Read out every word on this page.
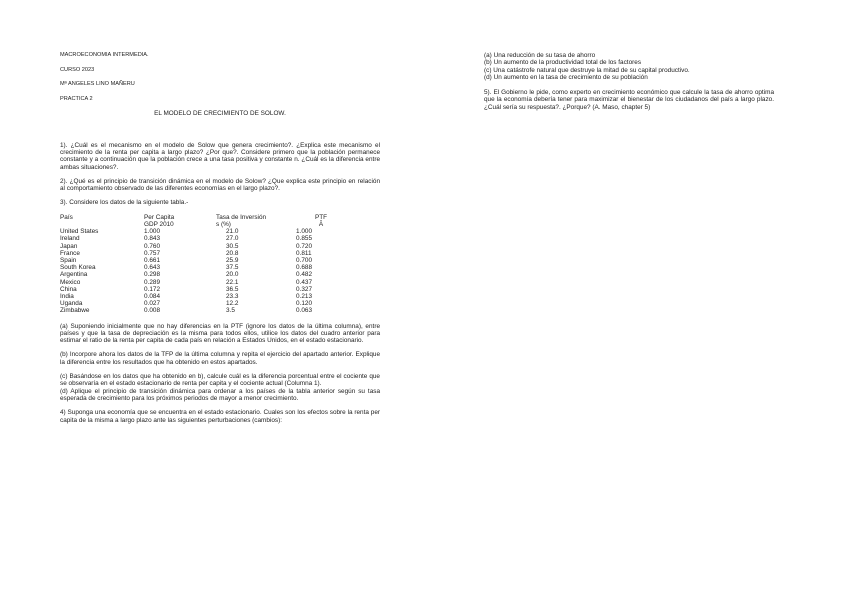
MACROECONOMIA INTERMEDIA.
CURSO 2023
Mª ANGELES LINO MAÑERU
PRACTICA 2
EL MODELO DE CRECIMIENTO DE SOLOW.

1). ¿Cuál es el mecanismo en el modelo de Solow que genera crecimiento?. ¿Explica este mecanismo el crecimiento de la renta per capita a largo plazo? ¿Por que?. Considere primero que la población permanece constante y a continuación que la población crece a una tasa positiva y constante n. ¿Cuál es la diferencia entre ambas situaciones?.

2). ¿Qué es el principio de transición dinámica en el modelo de Solow? ¿Que explica este principio en relación al comportamiento observado de las diferentes economías en el largo plazo?.

3). Considere los datos de la siguiente tabla.-

País	Per Capita	Tasa de Inversión	PTF
	GDP 2010	s (%)	Ā
United States	1.000	21.0	1.000
Ireland	0.843	27.0	0.855
Japan	0.760	30.5	0.720
France	0.757	20.8	0.811
Spain	0.661	25.9	0.700
South Korea	0.643	37.5	0.688
Argentina	0.298	20.0	0.482
Mexico	0.289	22.1	0.437
China	0.172	36.5	0.327
India	0.084	23.3	0.213
Uganda	0.027	12.2	0.120
Zimbabwe	0.008	3.5	0.063

(a) Suponiendo inicialmente que no hay diferencias en la PTF (ignore los datos de la última columna), entre países y que la tasa de depreciación es la misma para todos ellos, utilice los datos del cuadro anterior para estimar el ratio de la renta per capita de cada país en relación a Estados Unidos, en el estado estacionario.

(b) Incorpore ahora los datos de la TFP de la última columna y repita el ejercicio del apartado anterior. Explique la diferencia entre los resultados que ha obtenido en estos apartados.

(c) Basándose en los datos que ha obtenido en b), calcule cuál es la diferencia porcentual entre el cociente que se observaría en el estado estacionario de renta per capita y el cociente actual (Columna 1).

(d) Aplique el principio de transición dinámica para ordenar a los países de la tabla anterior según su tasa esperada de crecimiento para los próximos periodos de mayor a menor crecimiento.

4) Suponga una economía que se encuentra en el estado estacionario. Cuales son los efectos sobre la renta per capita de la misma a largo plazo ante las siguientes perturbaciones (cambios):

(a) Una reducción de su tasa de ahorro

(b) Un aumento de la productividad total de los factores

(c) Una catástrofe natural que destruye la mitad de su capital productivo.

(d) Un aumento en la tasa de crecimiento de su población

5). El Gobierno le pide, como experto en crecimiento económico que calcule la tasa de ahorro optima que la economía debería tener para maximizar el bienestar de los ciudadanos del país a largo plazo. ¿Cuál sería su respuesta?. ¿Porque? (A. Maso, chapter 5)
